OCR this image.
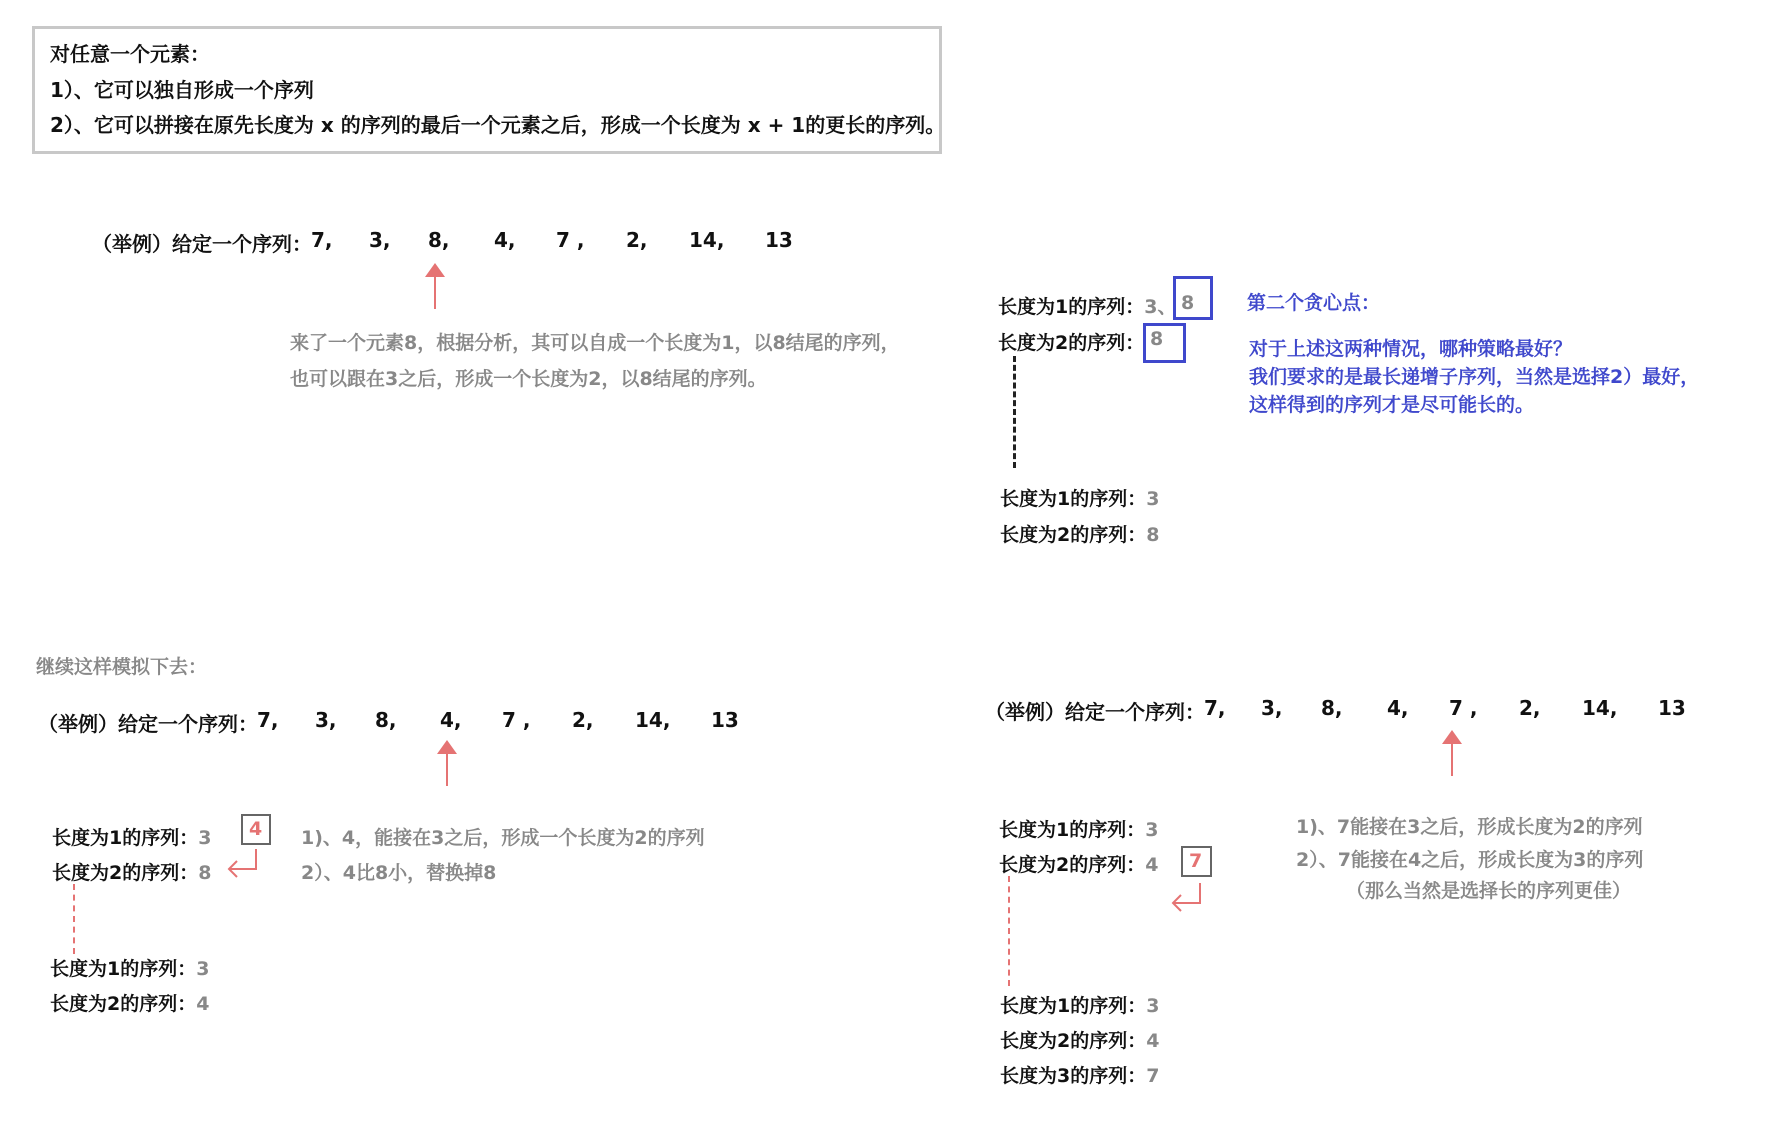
对任意一个元素：
1）、它可以独自形成一个序列
2）、它可以拼接在原先长度为 x 的序列的最后一个元素之后，形成一个长度为 x + 1的更长的序列。
（举例）给定一个序列： 7, 3, 8, 4, 7 , 2, 14, 13
来了一个元素8，根据分析，其可以自成一个长度为1，以8结尾的序列，
也可以跟在3之后，形成一个长度为2，以8结尾的序列。
长度为1的序列：3、 8
长度为2的序列： 8
长度为1的序列：3
长度为2的序列：8
第二个贪心点：
对于上述这两种情况，哪种策略最好？
我们要求的是最长递增子序列，当然是选择2）最好，
这样得到的序列才是尽可能长的。
继续这样模拟下去：
（举例）给定一个序列： 7, 3, 8, 4, 7 , 2, 14, 13
长度为1的序列：3 4
长度为2的序列：8
长度为1的序列：3
长度为2的序列：4
1)、4，能接在3之后，形成一个长度为2的序列
2）、4比8小，替换掉8
（举例）给定一个序列： 7, 3, 8, 4, 7 , 2, 14, 13
长度为1的序列：3
长度为2的序列：4 7
长度为1的序列：3
长度为2的序列：4
长度为3的序列：7
1)、7能接在3之后，形成长度为2的序列
2）、7能接在4之后，形成长度为3的序列
（那么当然是选择长的序列更佳）
